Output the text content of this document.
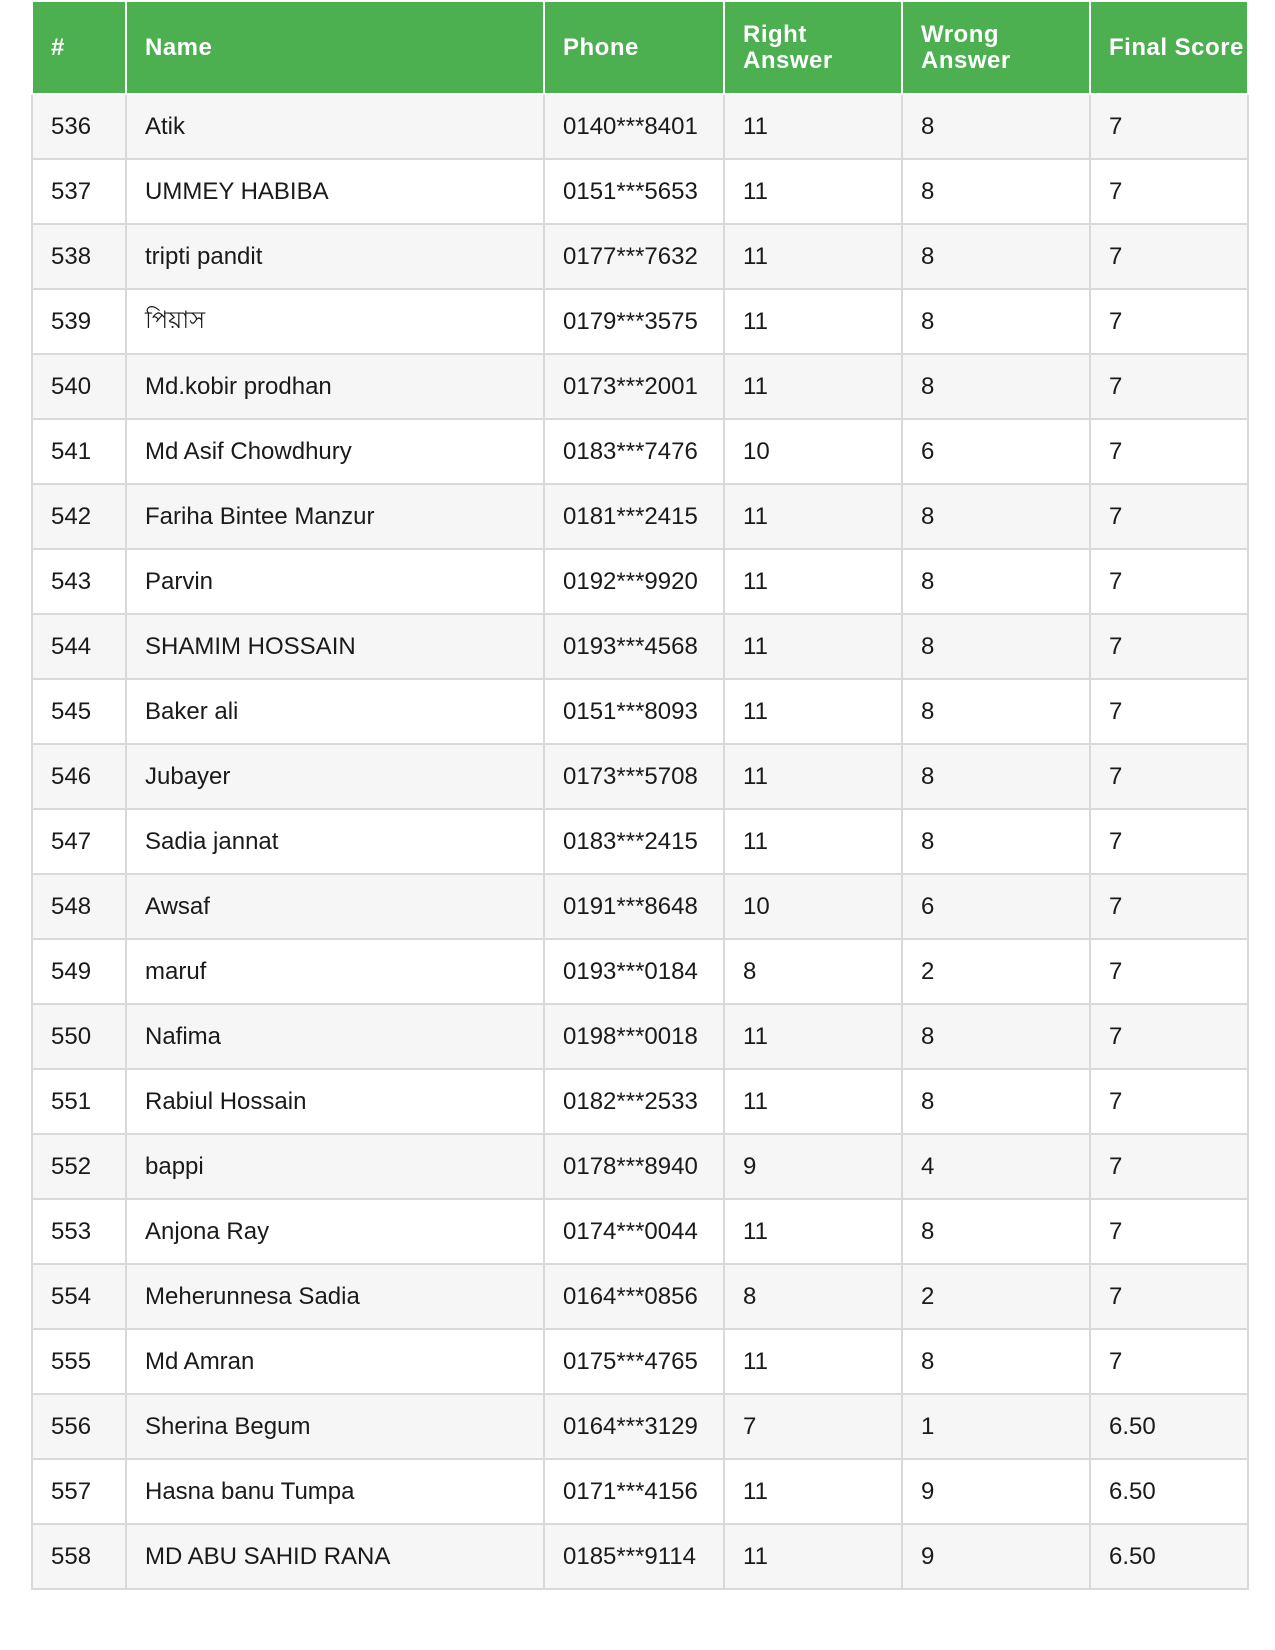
#	Name	Phone	Right Answer	Wrong Answer	Final Score
536	Atik	0140***8401	11	8	7
537	UMMEY HABIBA	0151***5653	11	8	7
538	tripti pandit	0177***7632	11	8	7
539	পিয়াস	0179***3575	11	8	7
540	Md.kobir prodhan	0173***2001	11	8	7
541	Md Asif Chowdhury	0183***7476	10	6	7
542	Fariha Bintee Manzur	0181***2415	11	8	7
543	Parvin	0192***9920	11	8	7
544	SHAMIM HOSSAIN	0193***4568	11	8	7
545	Baker ali	0151***8093	11	8	7
546	Jubayer	0173***5708	11	8	7
547	Sadia jannat	0183***2415	11	8	7
548	Awsaf	0191***8648	10	6	7
549	maruf	0193***0184	8	2	7
550	Nafima	0198***0018	11	8	7
551	Rabiul Hossain	0182***2533	11	8	7
552	bappi	0178***8940	9	4	7
553	Anjona Ray	0174***0044	11	8	7
554	Meherunnesa Sadia	0164***0856	8	2	7
555	Md Amran	0175***4765	11	8	7
556	Sherina Begum	0164***3129	7	1	6.50
557	Hasna banu Tumpa	0171***4156	11	9	6.50
558	MD ABU SAHID RANA	0185***9114	11	9	6.50
